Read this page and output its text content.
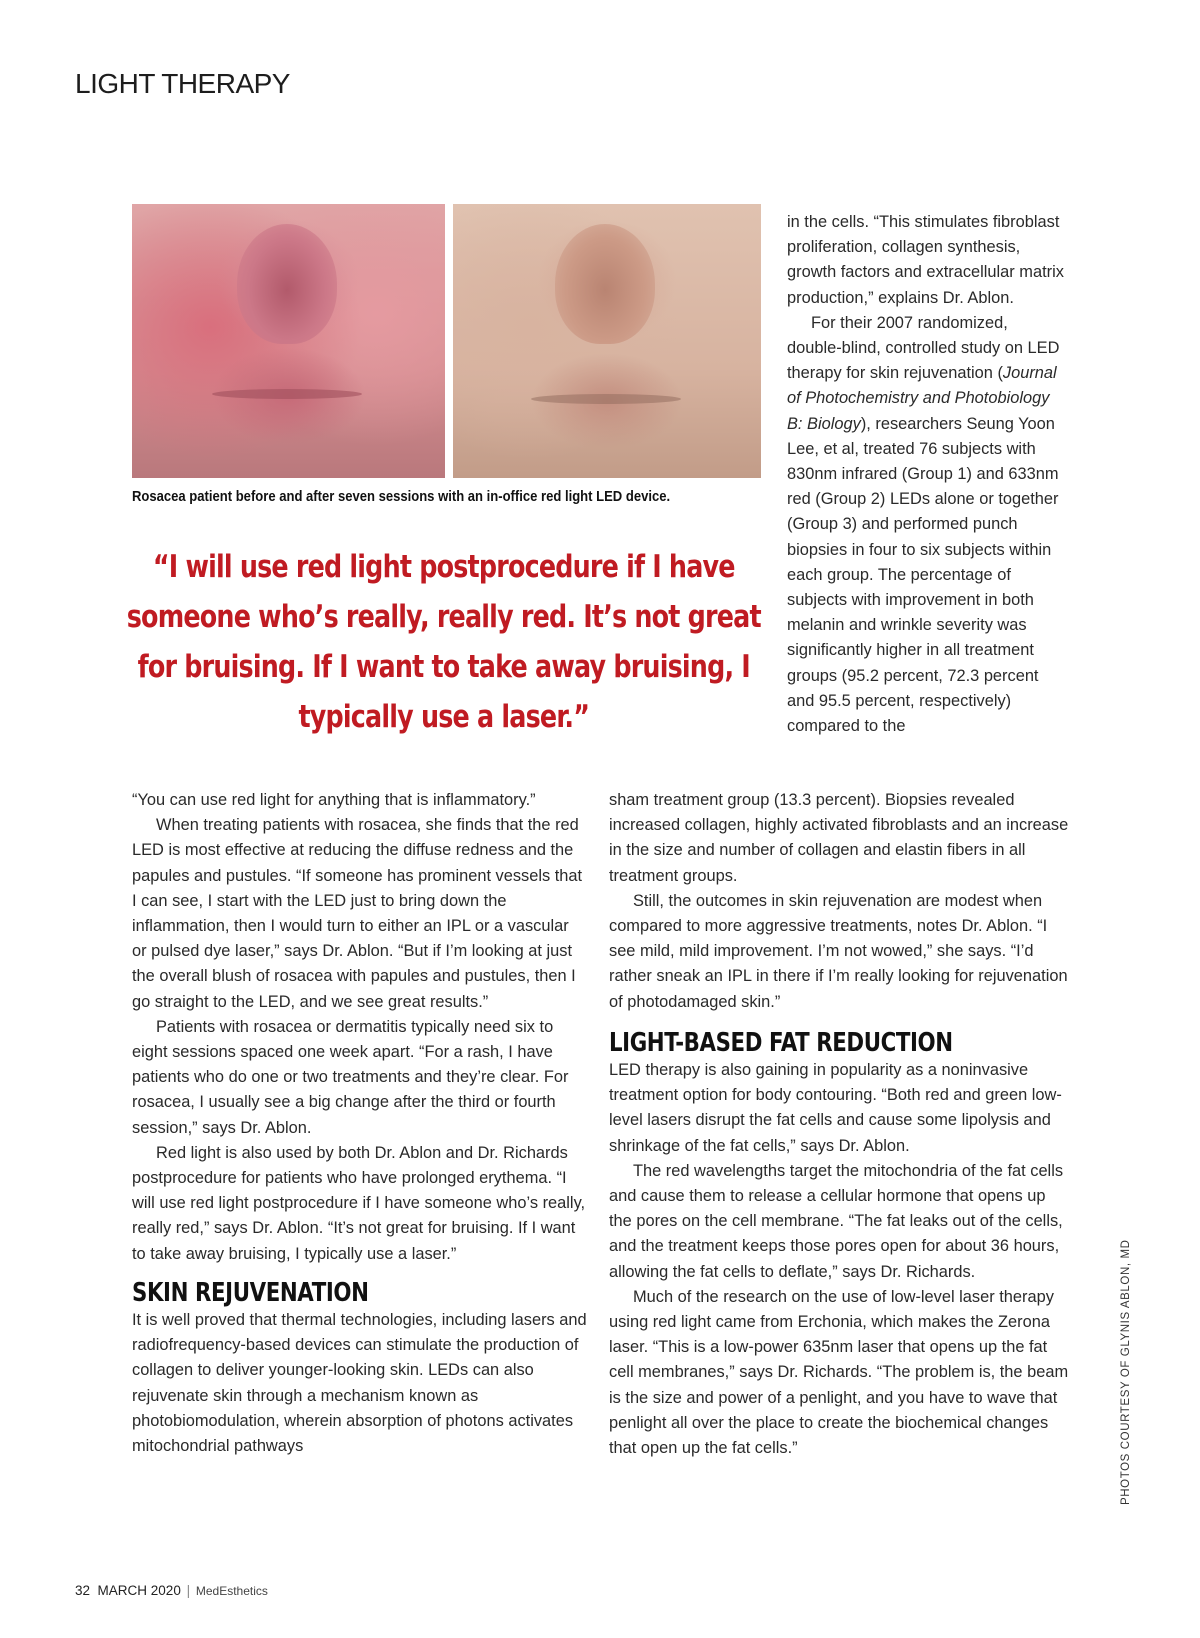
LIGHT THERAPY
Rosacea patient before and after seven sessions with an in-office red light LED device.
“I will use red light postprocedure if I have someone who’s really, really red. It’s not great for bruising. If I want to take away bruising, I typically use a laser.”

in the cells. “This stimulates fibroblast proliferation, collagen synthesis, growth factors and extracellular matrix production,” explains Dr. Ablon.

For their 2007 randomized, double-blind, controlled study on LED therapy for skin rejuvenation (Journal of Photochemistry and Photobiology B: Biology), researchers Seung Yoon Lee, et al, treated 76 subjects with 830nm infrared (Group 1) and 633nm red (Group 2) LEDs alone or together (Group 3) and performed punch biopsies in four to six subjects within each group. The percentage of subjects with improvement in both melanin and wrinkle severity was significantly higher in all treatment groups (95.2 percent, 72.3 percent and 95.5 percent, respectively) compared to the

“You can use red light for anything that is inflammatory.”

When treating patients with rosacea, she finds that the red LED is most effective at reducing the diffuse redness and the papules and pustules. “If someone has prominent vessels that I can see, I start with the LED just to bring down the inflammation, then I would turn to either an IPL or a vascular or pulsed dye laser,” says Dr. Ablon. “But if I’m looking at just the overall blush of rosacea with papules and pustules, then I go straight to the LED, and we see great results.”

Patients with rosacea or dermatitis typically need six to eight sessions spaced one week apart. “For a rash, I have patients who do one or two treatments and they’re clear. For rosacea, I usually see a big change after the third or fourth session,” says Dr. Ablon.

Red light is also used by both Dr. Ablon and Dr. Richards postprocedure for patients who have prolonged erythema. “I will use red light postprocedure if I have someone who’s really, really red,” says Dr. Ablon. “It’s not great for bruising. If I want to take away bruising, I typically use a laser.”

SKIN REJUVENATION

It is well proved that thermal technologies, including lasers and radiofrequency-based devices can stimulate the production of collagen to deliver younger-looking skin. LEDs can also rejuvenate skin through a mechanism known as photobiomodulation, wherein absorption of photons activates mitochondrial pathways

sham treatment group (13.3 percent). Biopsies revealed increased collagen, highly activated fibroblasts and an increase in the size and number of collagen and elastin fibers in all treatment groups.

Still, the outcomes in skin rejuvenation are modest when compared to more aggressive treatments, notes Dr. Ablon. “I see mild, mild improvement. I’m not wowed,” she says. “I’d rather sneak an IPL in there if I’m really looking for rejuvenation of photodamaged skin.”

LIGHT-BASED FAT REDUCTION

LED therapy is also gaining in popularity as a noninvasive treatment option for body contouring. “Both red and green low-level lasers disrupt the fat cells and cause some lipolysis and shrinkage of the fat cells,” says Dr. Ablon.

The red wavelengths target the mitochondria of the fat cells and cause them to release a cellular hormone that opens up the pores on the cell membrane. “The fat leaks out of the cells, and the treatment keeps those pores open for about 36 hours, allowing the fat cells to deflate,” says Dr. Richards.

Much of the research on the use of low-level laser therapy using red light came from Erchonia, which makes the Zerona laser. “This is a low-power 635nm laser that opens up the fat cell membranes,” says Dr. Richards. “The problem is, the beam is the size and power of a penlight, and you have to wave that penlight all over the place to create the biochemical changes that open up the fat cells.”	PHOTOS COURTESY OF GLYNIS ABLON, MD
32 MARCH 2020 | MedEsthetics
